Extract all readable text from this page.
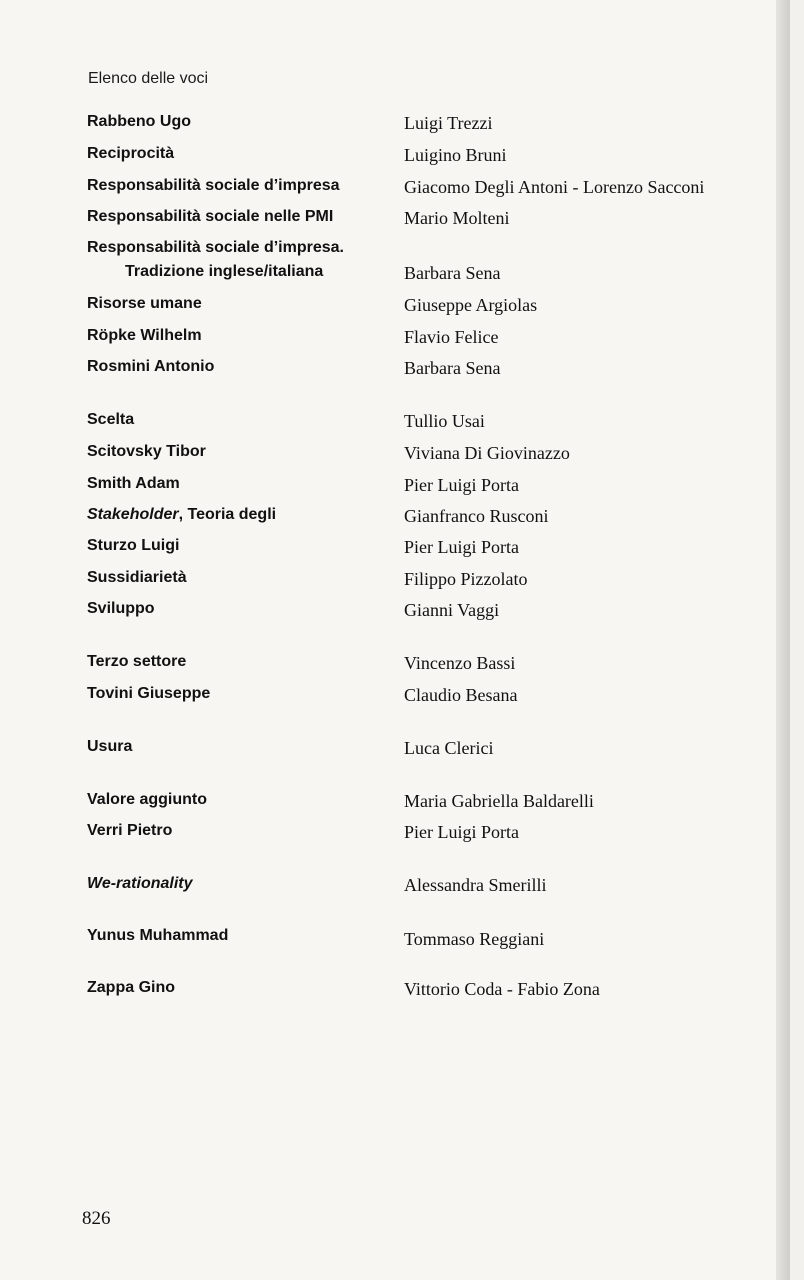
Elenco delle voci
Rabbeno Ugo	Luigi Trezzi
Reciprocità	Luigino Bruni
Responsabilità sociale d’impresa	Giacomo Degli Antoni - Lorenzo Sacconi
Responsabilità sociale nelle PMI	Mario Molteni
Responsabilità sociale d’impresa.
Tradizione inglese/italiana	Barbara Sena
Risorse umane	Giuseppe Argiolas
Röpke Wilhelm	Flavio Felice
Rosmini Antonio	Barbara Sena
Scelta	Tullio Usai
Scitovsky Tibor	Viviana Di Giovinazzo
Smith Adam	Pier Luigi Porta
Stakeholder, Teoria degli	Gianfranco Rusconi
Sturzo Luigi	Pier Luigi Porta
Sussidiarietà	Filippo Pizzolato
Sviluppo	Gianni Vaggi
Terzo settore	Vincenzo Bassi
Tovini Giuseppe	Claudio Besana
Usura	Luca Clerici
Valore aggiunto	Maria Gabriella Baldarelli
Verri Pietro	Pier Luigi Porta
We-rationality	Alessandra Smerilli
Yunus Muhammad	Tommaso Reggiani
Zappa Gino	Vittorio Coda - Fabio Zona
826
